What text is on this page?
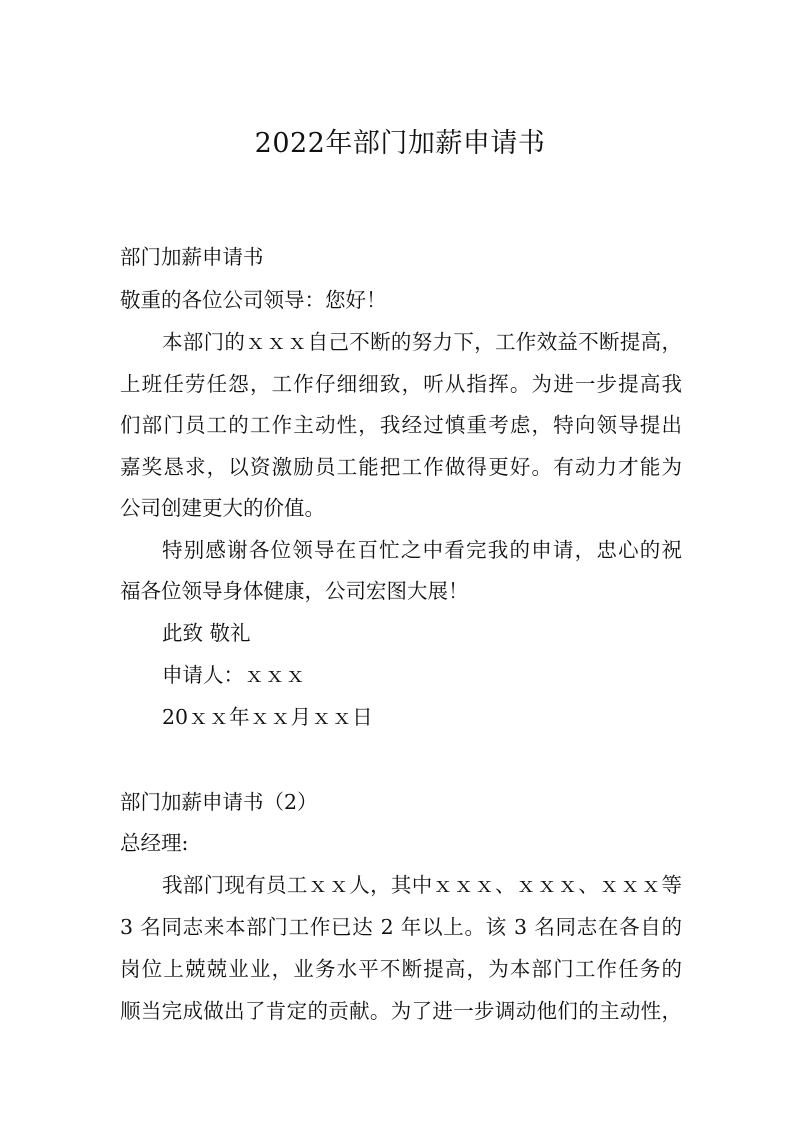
2022年部门加薪申请书

部门加薪申请书

敬重的各位公司领导：您好！

本部门的ｘｘｘ自己不断的努力下，工作效益不断提高，

上班任劳任怨，工作仔细细致，听从指挥。为进一步提高我

们部门员工的工作主动性，我经过慎重考虑，特向领导提出

嘉奖恳求，以资激励员工能把工作做得更好。有动力才能为

公司创建更大的价值。

特别感谢各位领导在百忙之中看完我的申请，忠心的祝

福各位领导身体健康，公司宏图大展！

此致 敬礼

申请人：ｘｘｘ

20ｘｘ年ｘｘ月ｘｘ日

部门加薪申请书（2）

总经理:

我部门现有员工ｘｘ人，其中ｘｘｘ、ｘｘｘ、ｘｘｘ等

3 名同志来本部门工作已达 2 年以上。该 3 名同志在各自的

岗位上兢兢业业，业务水平不断提高，为本部门工作任务的

顺当完成做出了肯定的贡献。为了进一步调动他们的主动性，
